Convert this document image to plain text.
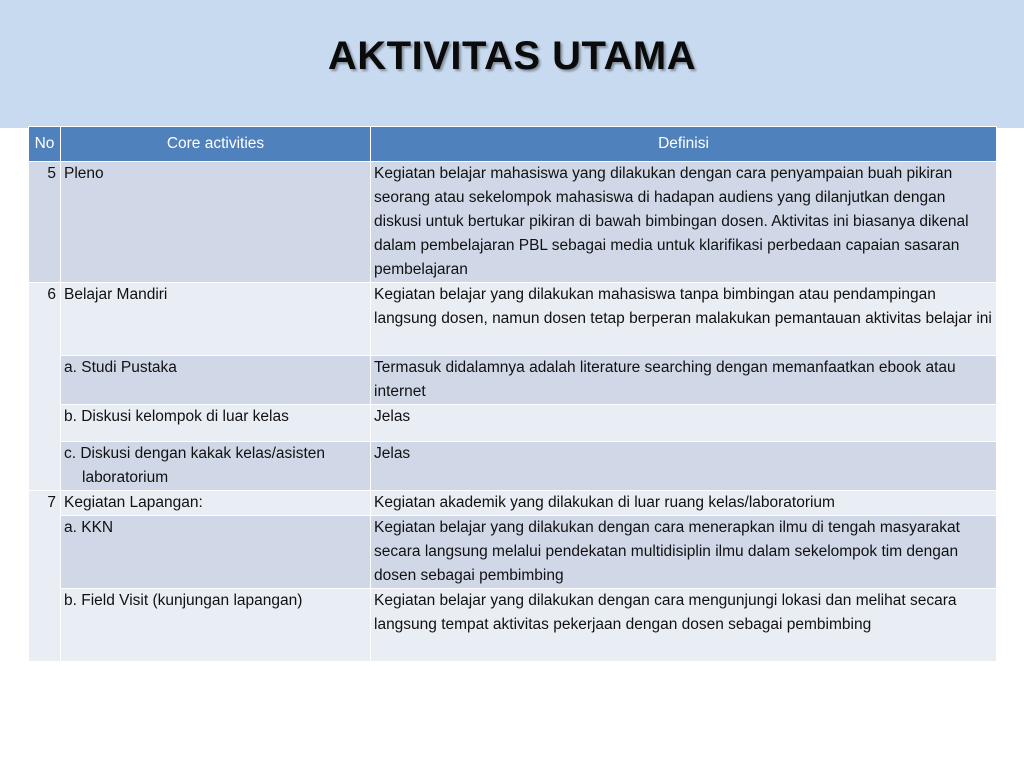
AKTIVITAS UTAMA
No	Core activities	Definisi
5	Pleno	Kegiatan belajar mahasiswa yang dilakukan dengan cara penyampaian buah pikiran seorang atau sekelompok mahasiswa di hadapan audiens yang dilanjutkan dengan diskusi untuk bertukar pikiran di bawah bimbingan dosen. Aktivitas ini biasanya dikenal dalam pembelajaran PBL sebagai media untuk klarifikasi perbedaan capaian sasaran pembelajaran
6	Belajar Mandiri	Kegiatan belajar yang dilakukan mahasiswa tanpa bimbingan atau pendampingan langsung dosen, namun dosen tetap berperan malakukan pemantauan aktivitas belajar ini
	a. Studi Pustaka	Termasuk didalamnya adalah literature searching dengan memanfaatkan ebook atau internet
	b. Diskusi kelompok di luar kelas	Jelas

	c. Diskusi dengan kakak kelas/asisten laboratorium	Jelas
7	Kegiatan Lapangan:	Kegiatan akademik yang dilakukan di luar ruang kelas/laboratorium
	a. KKN	Kegiatan belajar yang dilakukan dengan cara menerapkan ilmu di tengah masyarakat secara langsung melalui pendekatan multidisiplin ilmu dalam sekelompok tim dengan dosen sebagai pembimbing
	b. Field Visit (kunjungan lapangan)	Kegiatan belajar yang dilakukan dengan cara mengunjungi lokasi dan melihat secara langsung tempat aktivitas pekerjaan dengan dosen sebagai pembimbing
